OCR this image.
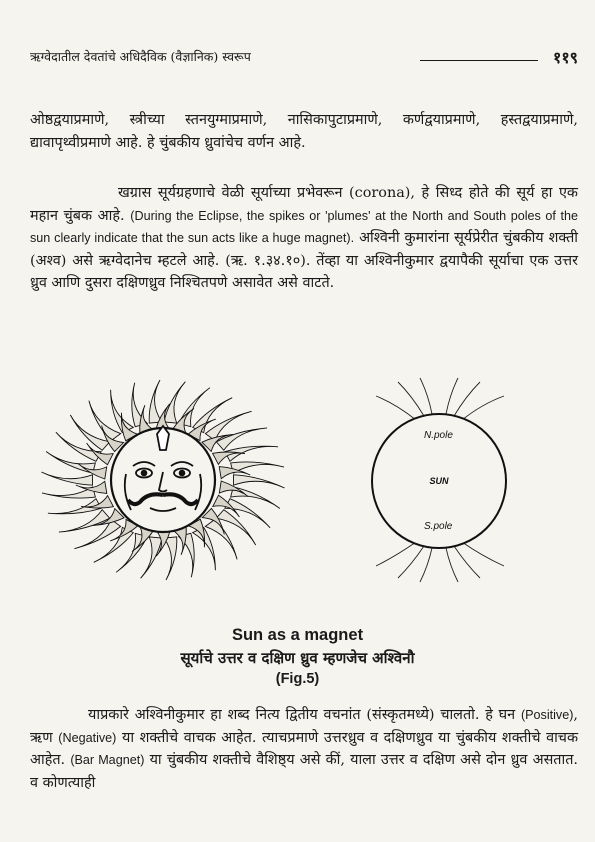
ऋग्वेदातील देवतांचे अधिदैविक (वैज्ञानिक) स्वरूप	११९

ओष्ठद्वयाप्रमाणे, स्त्रीच्या स्तनयुग्माप्रमाणे, नासिकापुटाप्रमाणे, कर्णद्वयाप्रमाणे, हस्तद्वयाप्रमाणे, द्यावापृथ्वीप्रमाणे आहे. हे चुंबकीय ध्रुवांचेच वर्णन आहे.

खग्रास सूर्यग्रहणाचे वेळी सूर्याच्या प्रभेवरून (corona), हे सिध्द होते की सूर्य हा एक महान चुंबक आहे. (During the Eclipse, the spikes or 'plumes' at the North and South poles of the sun clearly indicate that the sun acts like a huge magnet). अश्विनी कुमारांना सूर्यप्रेरीत चुंबकीय शक्ती (अश्व) असे ऋग्वेदानेच म्हटले आहे. (ऋ. १.३४.१०). तेंव्हा या अश्विनीकुमार द्वयापैकी सूर्याचा एक उत्तर ध्रुव आणि दुसरा दक्षिणध्रुव निश्चितपणे असावेत असे वाटते.

N.pole
SUN
S.pole
Sun as a magnet
सूर्याचे उत्तर व दक्षिण ध्रुव म्हणजेच अश्विनौ
(Fig.5)

याप्रकारे अश्विनीकुमार हा शब्द नित्य द्वितीय वचनांत (संस्कृतमध्ये) चालतो. हे घन (Positive), ऋण (Negative) या शक्तीचे वाचक आहेत. त्याचप्रमाणे उत्तरध्रुव व दक्षिणध्रुव या चुंबकीय शक्तीचे वाचक आहेत. (Bar Magnet) या चुंबकीय शक्तीचे वैशिष्ठ्य असे कीं, याला उत्तर व दक्षिण असे दोन ध्रुव असतात. व कोणत्याही
